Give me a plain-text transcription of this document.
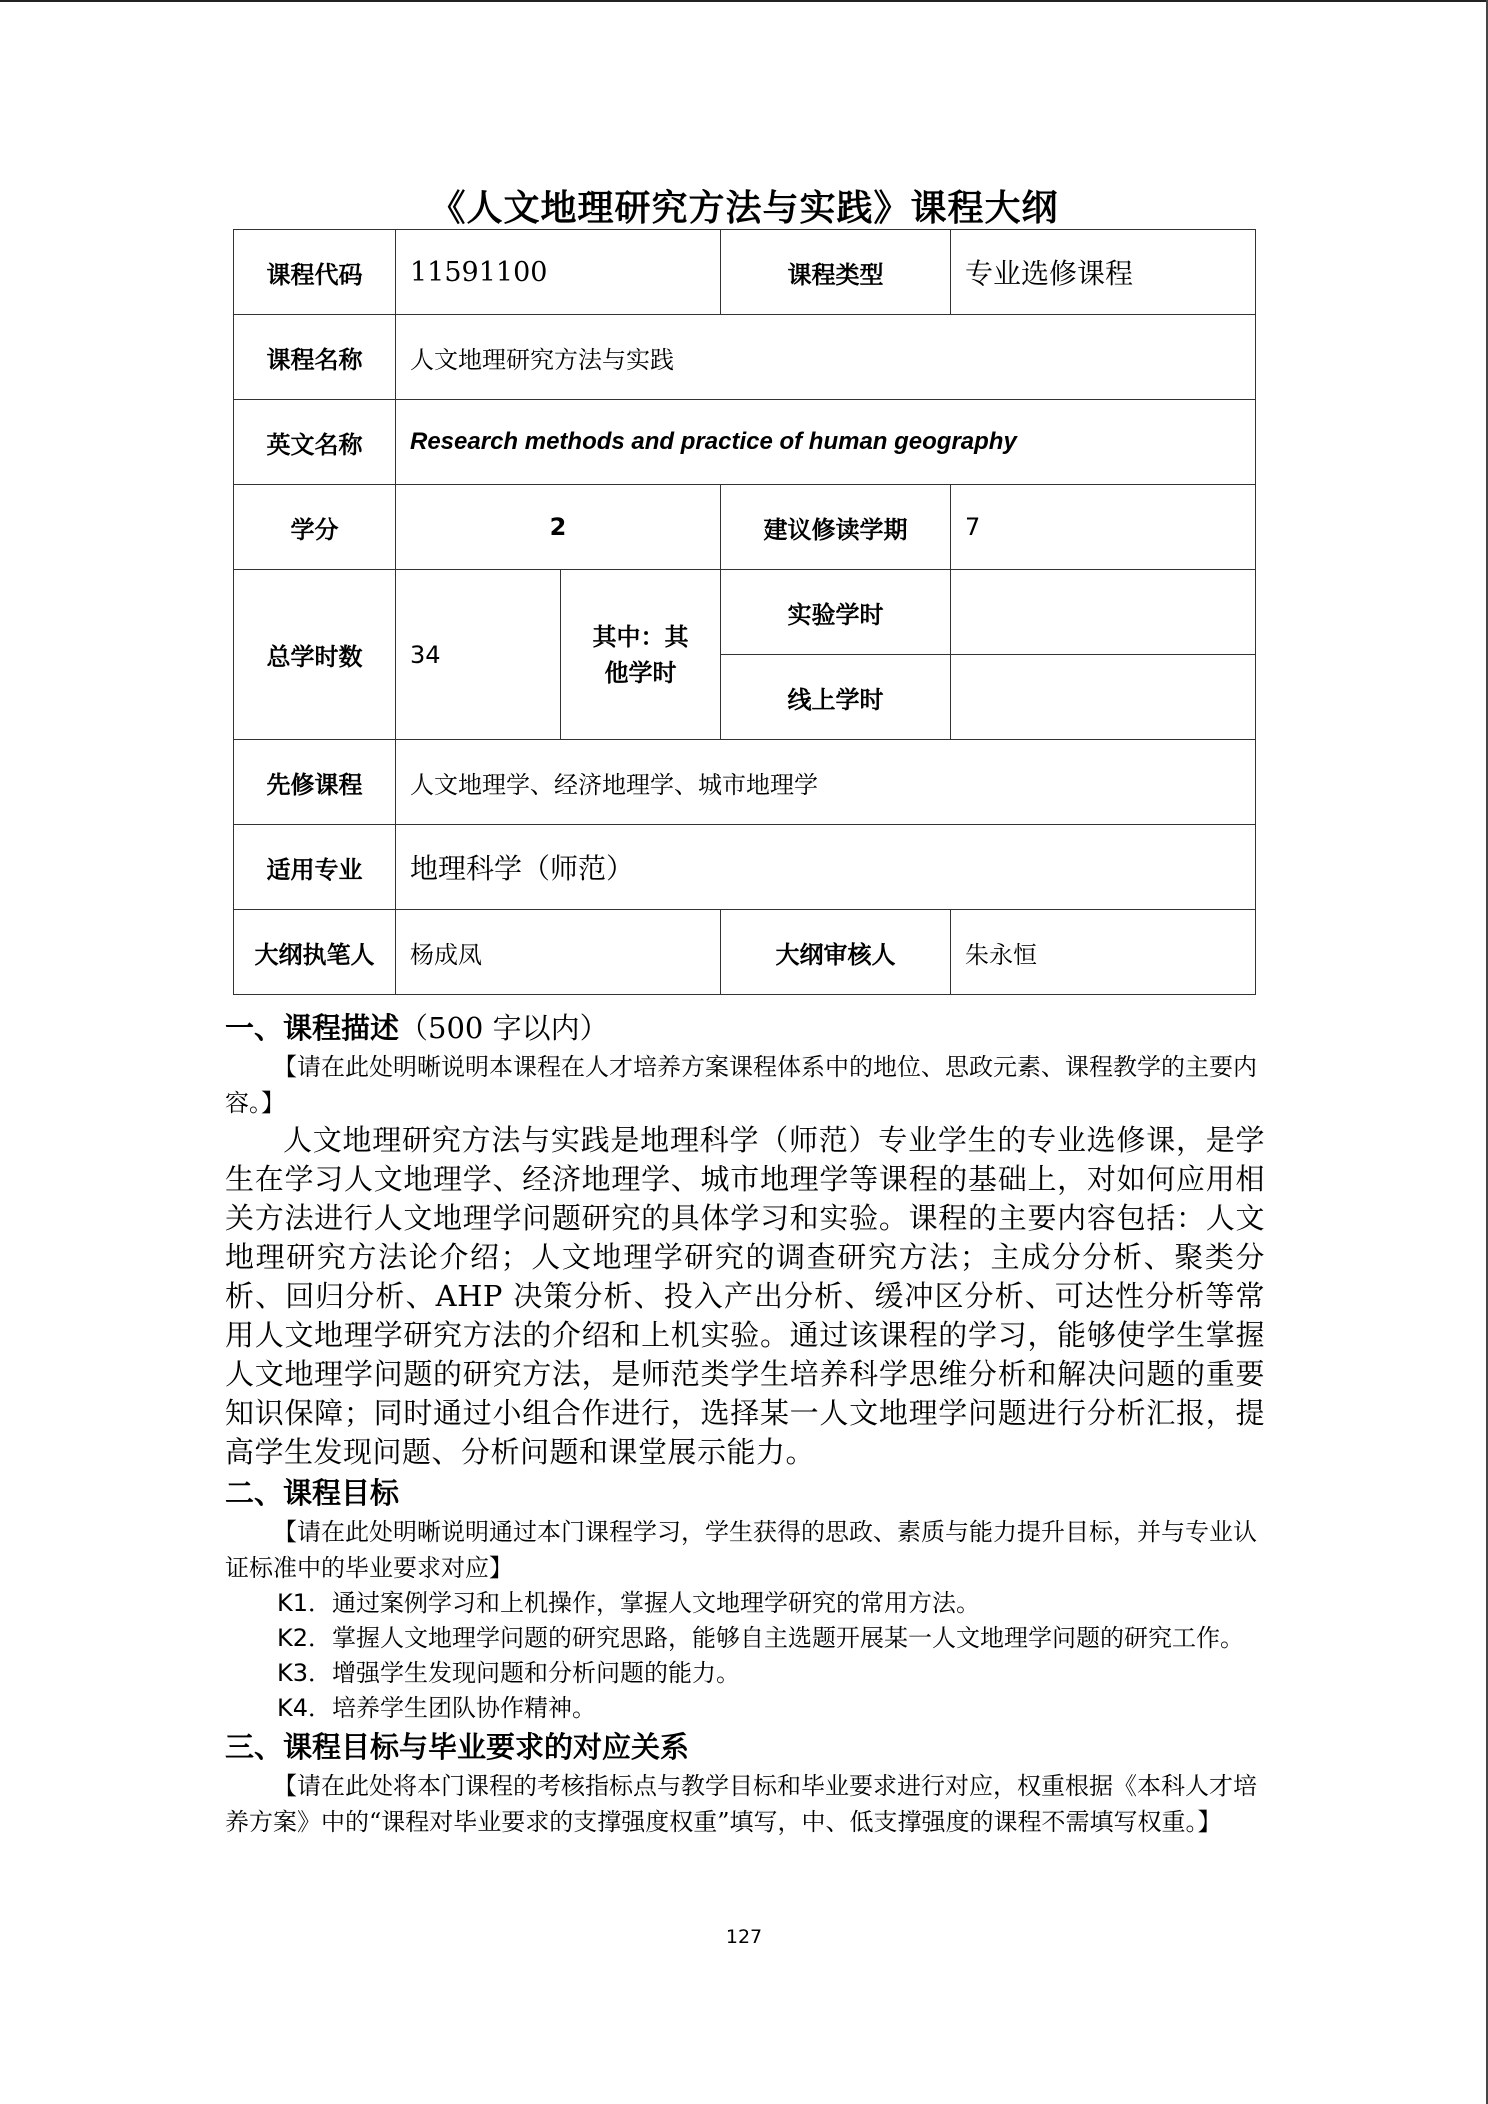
《人文地理研究方法与实践》课程大纲
课程代码	11591100		课程类型	专业选修课程
课程名称	人文地理研究方法与实践			
英文名称	Research methods and practice of human geography			
学分	2		建议修读学期	7
总学时数	34	其中：其他学时	实验学时	
			线上学时	
先修课程	人文地理学、经济地理学、城市地理学			
适用专业	地理科学（师范）			
大纲执笔人	杨成凤		大纲审核人	朱永恒

一、课程描述（500 字以内）

【请在此处明晰说明本课程在人才培养方案课程体系中的地位、思政元素、课程教学的主要内容。】

人文地理研究方法与实践是地理科学（师范）专业学生的专业选修课，是学生在学习人文地理学、经济地理学、城市地理学等课程的基础上，对如何应用相关方法进行人文地理学问题研究的具体学习和实验。课程的主要内容包括：人文地理研究方法论介绍；人文地理学研究的调查研究方法；主成分分析、聚类分析、回归分析、AHP 决策分析、投入产出分析、缓冲区分析、可达性分析等常用人文地理学研究方法的介绍和上机实验。通过该课程的学习，能够使学生掌握人文地理学问题的研究方法，是师范类学生培养科学思维分析和解决问题的重要知识保障；同时通过小组合作进行，选择某一人文地理学问题进行分析汇报，提高学生发现问题、分析问题和课堂展示能力。

二、课程目标

【请在此处明晰说明通过本门课程学习，学生获得的思政、素质与能力提升目标，并与专业认证标准中的毕业要求对应】

K1．通过案例学习和上机操作，掌握人文地理学研究的常用方法。

K2．掌握人文地理学问题的研究思路，能够自主选题开展某一人文地理学问题的研究工作。

K3．增强学生发现问题和分析问题的能力。

K4．培养学生团队协作精神。

三、课程目标与毕业要求的对应关系

【请在此处将本门课程的考核指标点与教学目标和毕业要求进行对应，权重根据《本科人才培养方案》中的“课程对毕业要求的支撑强度权重”填写，中、低支撑强度的课程不需填写权重。】

127
